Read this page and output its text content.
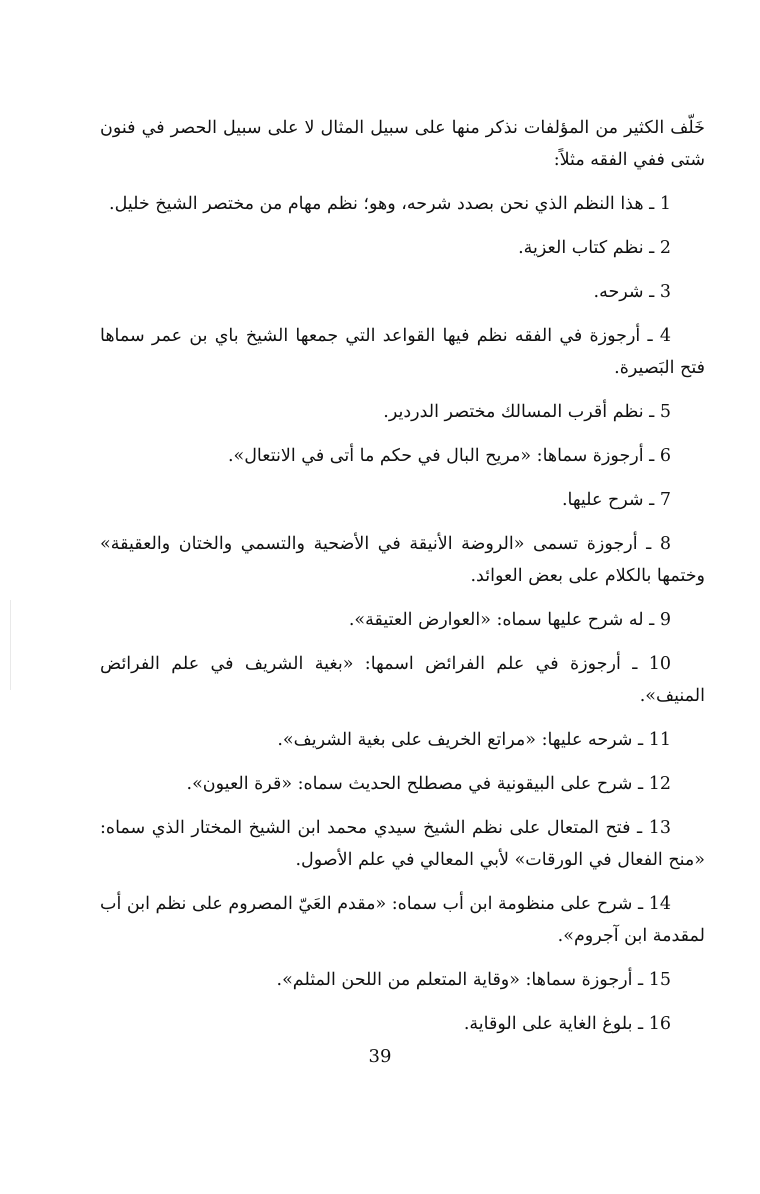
خَلّف الكثير من المؤلفات نذكر منها على سبيل المثال لا على سبيل الحصر في فنون شتى ففي الفقه مثلاً:

1 ـ هذا النظم الذي نحن بصدد شرحه، وهو؛ نظم مهام من مختصر الشيخ خليل.

2 ـ نظم كتاب العزية.

3 ـ شرحه.

4 ـ أرجوزة في الفقه نظم فيها القواعد التي جمعها الشيخ باي بن عمر سماها فتح البَصيرة.

5 ـ نظم أقرب المسالك مختصر الدردير.

6 ـ أرجوزة سماها: «مريح البال في حكم ما أتى في الانتعال».

7 ـ شرح عليها.

8 ـ أرجوزة تسمى «الروضة الأنيقة في الأضحية والتسمي والختان والعقيقة» وختمها بالكلام على بعض العوائد.

9 ـ له شرح عليها سماه: «العوارض العتيقة».

10 ـ أرجوزة في علم الفرائض اسمها: «بغية الشريف في علم الفرائض المنيف».

11 ـ شرحه عليها: «مراتع الخريف على بغية الشريف».

12 ـ شرح على البيقونية في مصطلح الحديث سماه: «قرة العيون».

13 ـ فتح المتعال على نظم الشيخ سيدي محمد ابن الشيخ المختار الذي سماه: «منح الفعال في الورقات» لأبي المعالي في علم الأصول.

14 ـ شرح على منظومة ابن أب سماه: «مقدم العَيّ المصروم على نظم ابن أب لمقدمة ابن آجروم».

15 ـ أرجوزة سماها: «وقاية المتعلم من اللحن المثلم».

16 ـ بلوغ الغاية على الوقاية.

39
